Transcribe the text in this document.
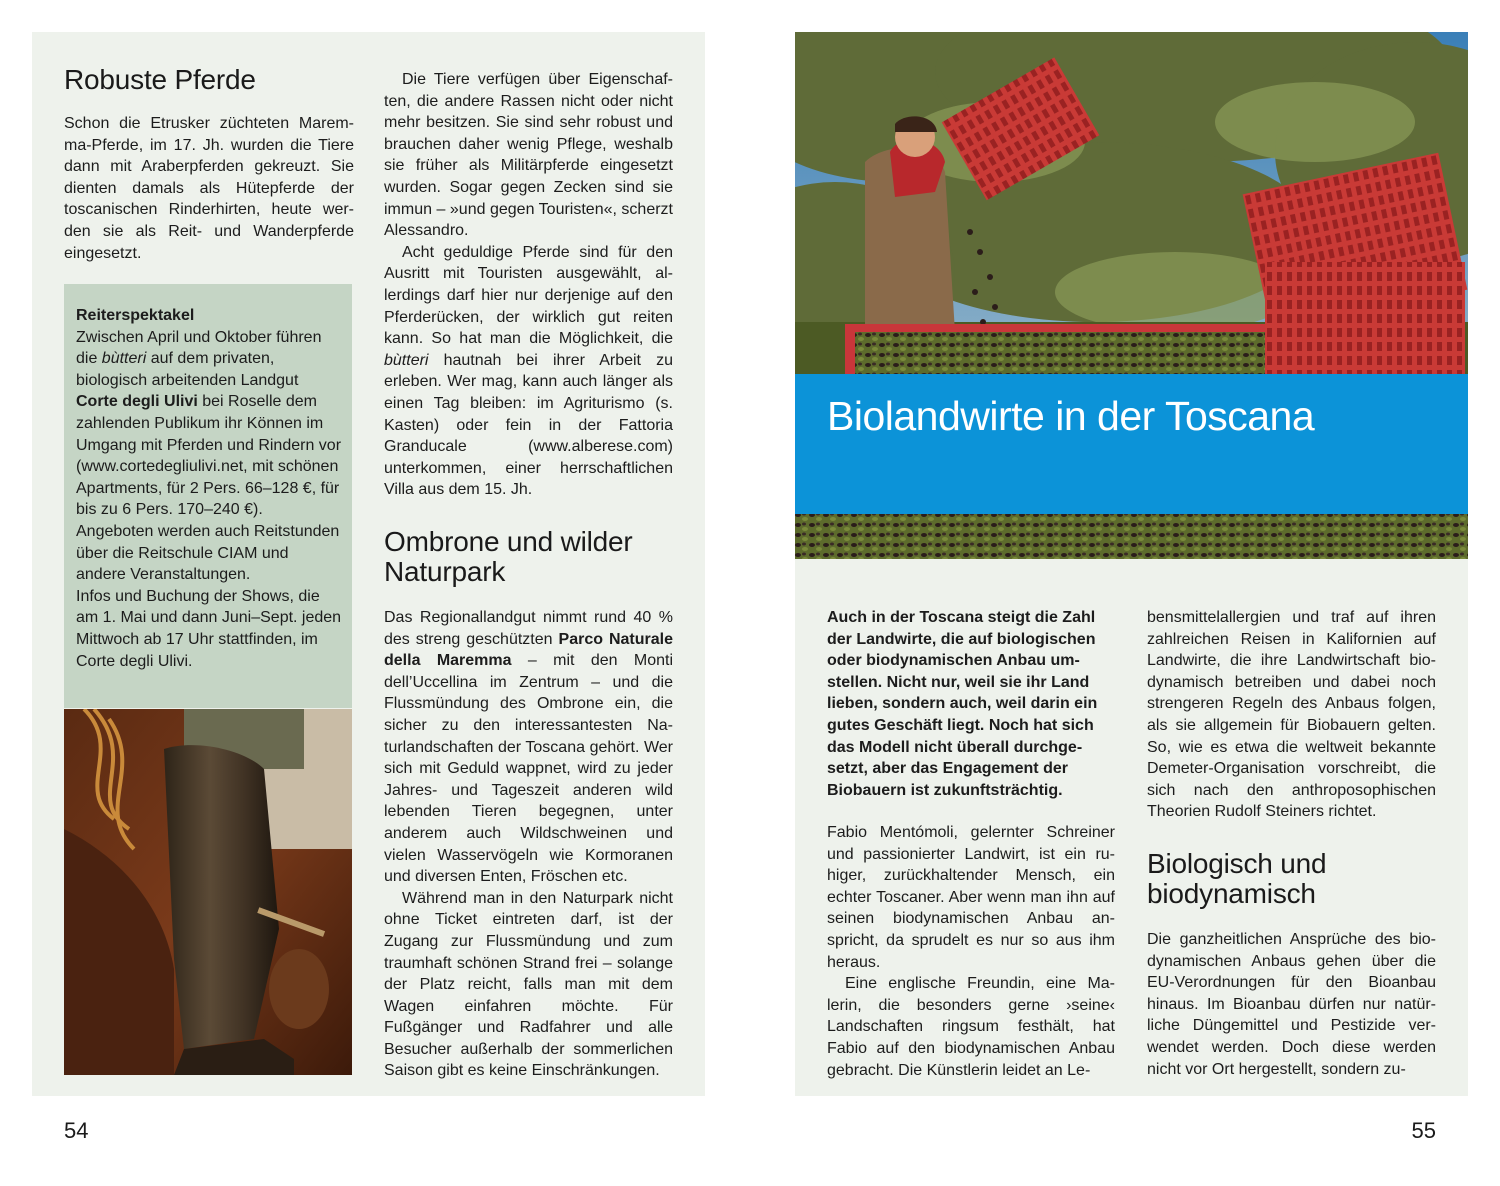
Robuste Pferde

Schon die Etrusker züchteten Maremma-Pferde, im 17. Jh. wurden die Tiere dann mit Araberpferden gekreuzt. Sie dienten damals als Hütepferde der toscanischen Rinderhirten, heute werden sie als Reit- und Wanderpferde eingesetzt.

Reiterspektakel
Zwischen April und Oktober führen die bùtteri auf dem privaten, biologisch arbeitenden Landgut Corte degli Ulivi bei Roselle dem zahlenden Publikum ihr Können im Umgang mit Pferden und Rindern vor (www.cortedegliulivi.net, mit schönen Apartments, für 2 Pers. 66–128 €, für bis zu 6 Pers. 170–240 €). Angeboten werden auch Reitstunden über die Reitschule CIAM und andere Veranstaltungen.
Infos und Buchung der Shows, die am 1. Mai und dann Juni–Sept. jeden Mittwoch ab 17 Uhr stattfinden, im Corte degli Ulivi.

Die Tiere verfügen über Eigenschaften, die andere Rassen nicht oder nicht mehr besitzen. Sie sind sehr robust und brauchen daher wenig Pflege, weshalb sie früher als Militärpferde eingesetzt wurden. Sogar gegen Zecken sind sie immun – »und gegen Touristen«, scherzt Alessandro.

Acht geduldige Pferde sind für den Ausritt mit Touristen ausgewählt, allerdings darf hier nur derjenige auf den Pferderücken, der wirklich gut reiten kann. So hat man die Möglichkeit, die bùtteri hautnah bei ihrer Arbeit zu erleben. Wer mag, kann auch länger als einen Tag bleiben: im Agriturismo (s. Kasten) oder fein in der Fattoria Granducale (www.alberese.com) unterkommen, einer herrschaftlichen Villa aus dem 15. Jh.

Ombrone und wilder Naturpark

Das Regionallandgut nimmt rund 40 % des streng geschützten Parco Naturale della Maremma – mit den Monti dell’Uccellina im Zentrum – und die Flussmündung des Ombrone ein, die sicher zu den interessantesten Naturlandschaften der Toscana gehört. Wer sich mit Geduld wappnet, wird zu jeder Jahres- und Tageszeit anderen wild lebenden Tieren begegnen, unter anderem auch Wildschweinen und vielen Wasservögeln wie Kormoranen und diversen Enten, Fröschen etc.

Während man in den Naturpark nicht ohne Ticket eintreten darf, ist der Zugang zur Flussmündung und zum traumhaft schönen Strand frei – solange der Platz reicht, falls man mit dem Wagen einfahren möchte. Für Fußgänger und Radfahrer und alle Besucher außerhalb der sommerlichen Saison gibt es keine Einschränkungen.

54
Biolandwirte in der Toscana

Auch in der Toscana steigt die Zahl der Landwirte, die auf biologischen oder biodynamischen Anbau umstellen. Nicht nur, weil sie ihr Land lieben, sondern auch, weil darin ein gutes Geschäft liegt. Noch hat sich das Modell nicht überall durchgesetzt, aber das Engagement der Biobauern ist zukunftsträchtig.

Fabio Mentómoli, gelernter Schreiner und passionierter Landwirt, ist ein ruhiger, zurückhaltender Mensch, ein echter Toscaner. Aber wenn man ihn auf seinen biodynamischen Anbau anspricht, da sprudelt es nur so aus ihm heraus.

Eine englische Freundin, eine Malerin, die besonders gerne ›seine‹ Landschaften ringsum festhält, hat Fabio auf den biodynamischen Anbau gebracht. Die Künstlerin leidet an Le-

bensmittelallergien und traf auf ihren zahlreichen Reisen in Kalifornien auf Landwirte, die ihre Landwirtschaft biodynamisch betreiben und dabei noch strengeren Regeln des Anbaus folgen, als sie allgemein für Biobauern gelten. So, wie es etwa die weltweit bekannte Demeter-Organisation vorschreibt, die sich nach den anthroposophischen Theorien Rudolf Steiners richtet.

Biologisch und biodynamisch

Die ganzheitlichen Ansprüche des biodynamischen Anbaus gehen über die EU-Verordnungen für den Bioanbau hinaus. Im Bioanbau dürfen nur natürliche Düngemittel und Pestizide verwendet werden. Doch diese werden nicht vor Ort hergestellt, sondern zu-

55
